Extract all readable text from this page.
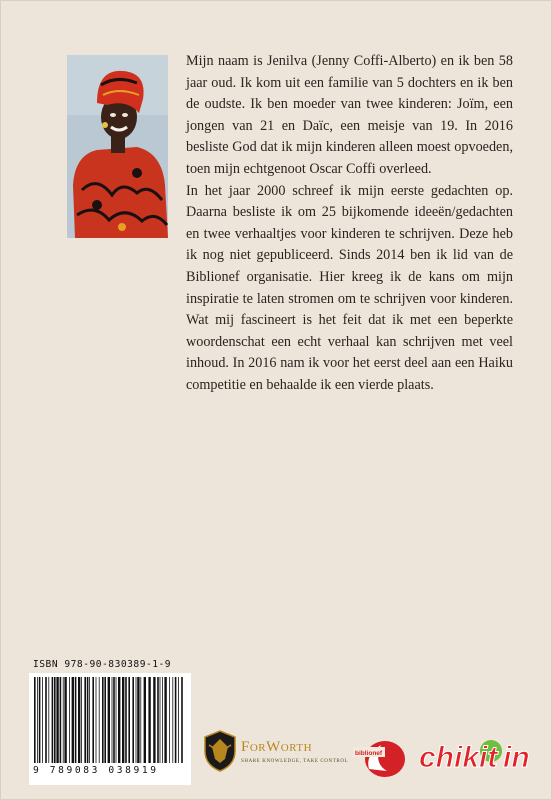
Mijn naam is Jenilva (Jenny Coffi-Alberto) en ik ben 58 jaar oud. Ik kom uit een familie van 5 dochters en ik ben de oudste. Ik ben moeder van twee kinderen: Joïm, een jongen van 21 en Daïc, een meisje van 19. In 2016 besliste God dat ik mijn kinderen alleen moest opvoeden, toen mijn echtgenoot Oscar Coffi overleed.

In het jaar 2000 schreef ik mijn eerste gedachten op. Daarna besliste ik om 25 bijkomende ideeën/gedachten en twee verhaaltjes voor kinderen te schrijven. Deze heb ik nog niet gepubliceerd. Sinds 2014 ben ik lid van de Biblionef organisatie. Hier kreeg ik de kans om mijn inspiratie te laten stromen om te schrijven voor kinderen. Wat mij fascineert is het feit dat ik met een beperkte woordenschat een echt verhaal kan schrijven met veel inhoud. In 2016 nam ik voor het eerst deel aan een Haiku competitie en behaalde ik een vierde plaats.

ISBN 978-90-830389-1-9
9 789083 038919
ForWorth
SHARE KNOWLEDGE, TAKE CONTROL
biblionef chik it in
